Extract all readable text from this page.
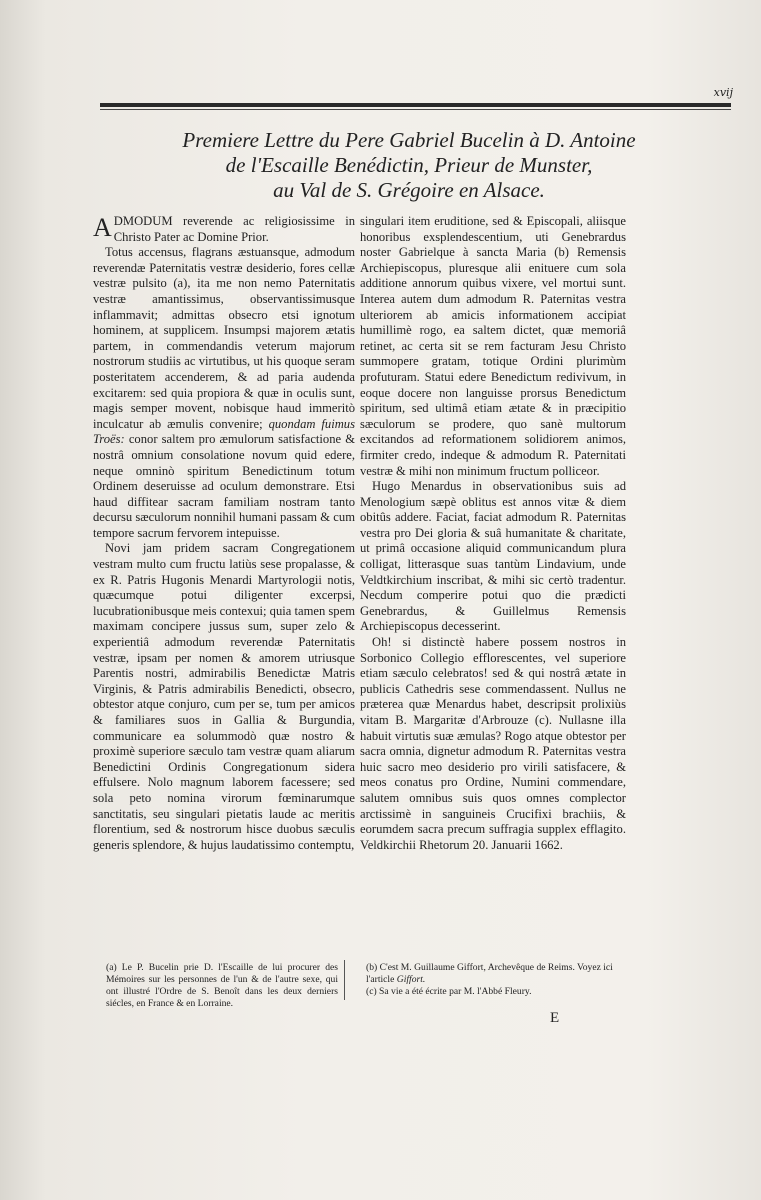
xvij
Premiere Lettre du Pere Gabriel Bucelin à D. Antoine
de l'Escaille Benédictin, Prieur de Munster,
au Val de S. Grégoire en Alsace.

ADMODUM reverende ac religiosissime in Christo Pater ac Domine Prior.

Totus accensus, flagrans æstuansque, admodum reverendæ Paternitatis vestræ desiderio, fores cellæ vestræ pulsito (a), ita me non nemo Paternitatis vestræ amantissimus, observantissimusque inflammavit; admittas obsecro etsi ignotum hominem, at supplicem. Insumpsi majorem ætatis partem, in commendandis veterum majorum nostrorum studiis ac virtutibus, ut his quoque seram posteritatem accenderem, & ad paria audenda excitarem: sed quia propiora & quæ in oculis sunt, magis semper movent, nobisque haud immeritò inculcatur ab æmulis convenire; quondam fuimus Troës: conor saltem pro æmulorum satisfactione & nostrâ omnium consolatione novum quid edere, neque omninò spiritum Benedictinum totum Ordinem deseruisse ad oculum demonstrare. Etsi haud diffitear sacram familiam nostram tanto decursu sæculorum nonnihil humani passam & cum tempore sacrum fervorem intepuisse.

Novi jam pridem sacram Congregationem vestram multo cum fructu latiùs sese propalasse, & ex R. Patris Hugonis Menardi Martyrologii notis, quæcumque potui diligenter excerpsi, lucubrationibusque meis contexui; quia tamen spem maximam concipere jussus sum, super zelo & experientiâ admodum reverendæ Paternitatis vestræ, ipsam per nomen & amorem utriusque Parentis nostri, admirabilis Benedictæ Matris Virginis, & Patris admirabilis Benedicti, obsecro, obtestor atque conjuro, cum per se, tum per amicos & familiares suos in Gallia & Burgundia, communicare ea solummodò quæ nostro & proximè superiore sæculo tam vestræ quam aliarum Benedictini Ordinis Congregationum sidera effulsere. Nolo magnum laborem facessere; sed sola peto nomina virorum fœminarumque sanctitatis, seu singulari pietatis laude ac meritis florentium, sed & nostrorum hisce duobus sæculis generis splendore, & hujus laudatissimo contemptu,

singulari item eruditione, sed & Episcopali, aliisque honoribus exsplendescentium, uti Genebrardus noster Gabrielque à sancta Maria (b) Remensis Archiepiscopus, pluresque alii enituere cum sola additione annorum quibus vixere, vel mortui sunt. Interea autem dum admodum R. Paternitas vestra ulteriorem ab amicis informationem accipiat humillimè rogo, ea saltem dictet, quæ memoriâ retinet, ac certa sit se rem facturam Jesu Christo summopere gratam, totique Ordini plurimùm profuturam. Statui edere Benedictum redivivum, in eoque docere non languisse prorsus Benedictum spiritum, sed ultimâ etiam ætate & in præcipitio sæculorum se prodere, quo sanè multorum excitandos ad reformationem solidiorem animos, firmiter credo, indeque & admodum R. Paternitati vestræ & mihi non minimum fructum polliceor.

Hugo Menardus in observationibus suis ad Menologium sæpè oblitus est annos vitæ & diem obitûs addere. Faciat, faciat admodum R. Paternitas vestra pro Dei gloria & suâ humanitate & charitate, ut primâ occasione aliquid communicandum plura colligat, litterasque suas tantùm Lindavium, unde Veldtkirchium inscribat, & mihi sic certò tradentur. Necdum comperire potui quo die prædicti Genebrardus, & Guillelmus Remensis Archiepiscopus decesserint.

Oh! si distinctè habere possem nostros in Sorbonico Collegio efflorescentes, vel superiore etiam sæculo celebratos! sed & qui nostrâ ætate in publicis Cathedris sese commendassent. Nullus ne præterea quæ Menardus habet, descripsit prolixiùs vitam B. Margaritæ d'Arbrouze (c). Nullasne illa habuit virtutis suæ æmulas? Rogo atque obtestor per sacra omnia, dignetur admodum R. Paternitas vestra huic sacro meo desiderio pro virili satisfacere, & meos conatus pro Ordine, Numini commendare, salutem omnibus suis quos omnes complector arctissimè in sanguineis Crucifixi brachiis, & eorumdem sacra precum suffragia supplex efflagito. Veldkirchii Rhetorum 20. Januarii 1662.

(a) Le P. Bucelin prie D. l'Escaille de lui procurer des Mémoires sur les personnes de l'un & de l'autre sexe, qui ont illustré l'Ordre de S. Benoît dans les deux derniers siécles, en France & en Lorraine.
(b) C'est M. Guillaume Giffort, Archevêque de Reims. Voyez ici l'article Giffort.
(c) Sa vie a été écrite par M. l'Abbé Fleury.
E
